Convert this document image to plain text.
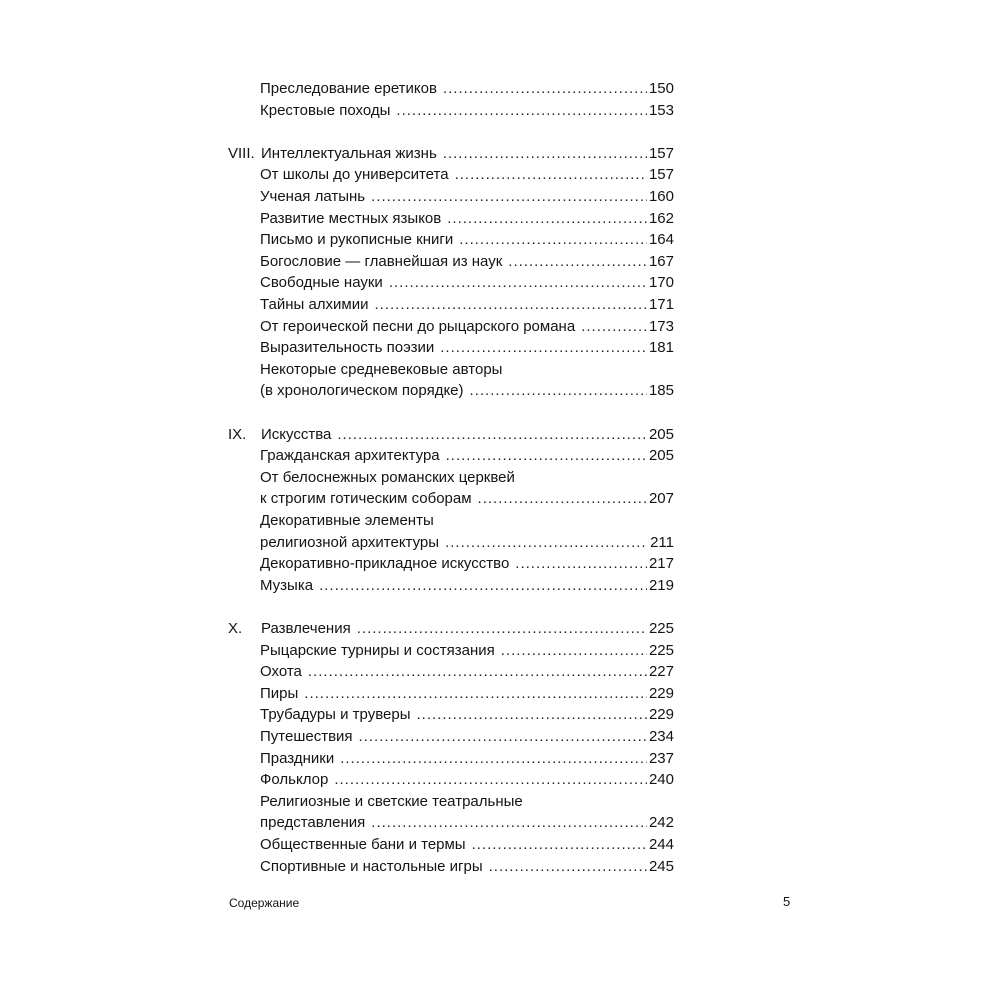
Преследование еретиков .....	150
Крестовые походы .....	153
VIII. Интеллектуальная жизнь .....	157
От школы до университета .....	157
Ученая латынь .....	160
Развитие местных языков .....	162
Письмо и рукописные книги .....	164
Богословие — главнейшая из наук .....	167
Свободные науки .....	170
Тайны алхимии .....	171
От героической песни до рыцарского романа .....	173
Выразительность поэзии .....	181
Некоторые средневековые авторы
(в хронологическом порядке) .....	185
IX. Искусства .....	205
Гражданская архитектура .....	205
От белоснежных романских церквей
к строгим готическим соборам .....	207
Декоративные элементы
религиозной архитектуры .....	211
Декоративно-прикладное искусство .....	217
Музыка .....	219
X.	Развлечения .....	225
Рыцарские турниры и состязания .....	225
Охота .....	227
Пиры .....	229
Трубадуры и труверы .....	229
Путешествия .....	234
Праздники .....	237
Фольклор .....	240
Религиозные и светские театральные
представления .....	242
Общественные бани и термы .....	244
Спортивные и настольные игры .....	245
Содержание	5
